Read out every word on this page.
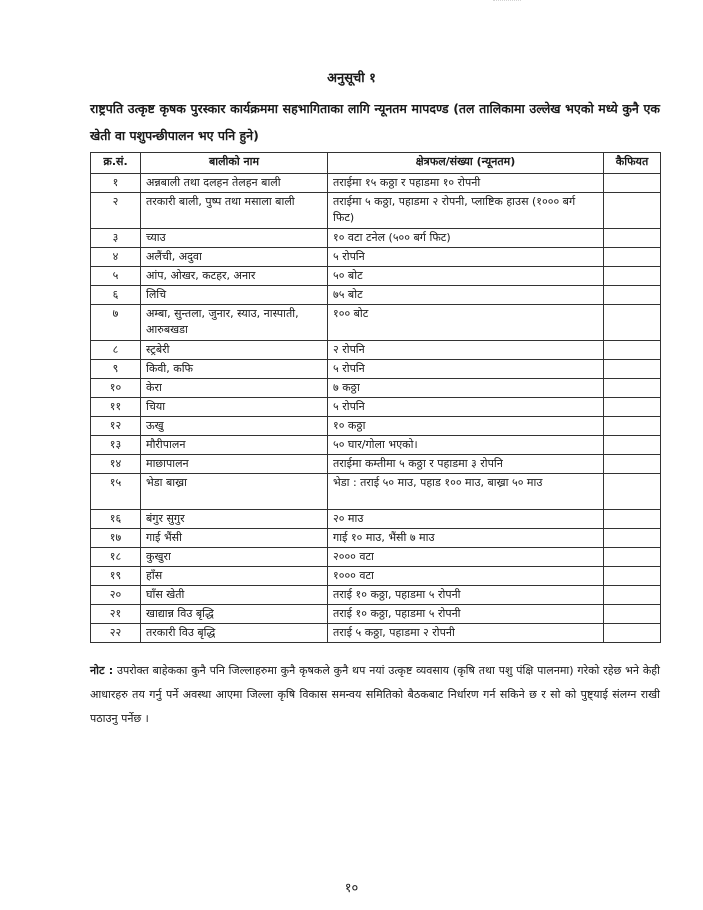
अनुसूची १
राष्ट्रपति उत्कृष्ट कृषक पुरस्कार कार्यक्रममा सहभागिताका लागि न्यूनतम मापदण्ड (तल तालिकामा उल्लेख भएको मध्ये कुनै एक खेती वा पशुपन्छीपालन भए पनि हुने)
क्र.सं.	बालीको नाम	क्षेत्रफल/संख्या (न्यूनतम)	कैफियत
१	अन्नबाली तथा दलहन तेलहन बाली	तराईमा १५ कठ्ठा र पहाडमा १० रोपनी	
२	तरकारी बाली, पुष्प तथा मसाला बाली	तराईमा ५ कठ्ठा, पहाडमा २ रोपनी, प्लाष्टिक हाउस (१००० बर्ग फिट)	
३	च्याउ	१० वटा टनेल (५०० बर्ग फिट)	
४	अलैंची, अदुवा	५ रोपनि	
५	आंप, ओखर, कटहर, अनार	५० बोट	
६	लिचि	७५ बोट	
७	अम्बा, सुन्तला, जुनार, स्याउ, नास्पाती, आरुबखडा	१०० बोट	
८	स्ट्रबेरी	२ रोपनि	
९	किवी, कफि	५ रोपनि	
१०	केरा	७ कठ्ठा	
११	चिया	५ रोपनि	
१२	ऊखु	१० कठ्ठा	
१३	मौरीपालन	५० घार/गोला भएको।	
१४	माछापालन	तराईमा कम्तीमा ५ कठ्ठा र पहाडमा ३ रोपनि	
१५	भेडा बाख्रा	भेडा : तराई ५० माउ, पहाड १०० माउ, बाख्रा ५० माउ	
१६	बंगुर सुगुर	२० माउ	
१७	गाई भैंसी	गाई १० माउ, भैंसी ७ माउ	
१८	कुखुरा	२००० वटा	
१९	हाँस	१००० वटा	
२०	घाँस खेती	तराई १० कठ्ठा, पहाडमा ५ रोपनी	
२१	खाद्यान्न विउ बृद्धि	तराई १० कठ्ठा, पहाडमा ५ रोपनी	
२२	तरकारी विउ बृद्धि	तराई ५ कठ्ठा, पहाडमा २ रोपनी	
नोट : उपरोक्त बाहेकका कुनै पनि जिल्लाहरुमा कुनै कृषकले कुनै थप नयां उत्कृष्ट व्यवसाय (कृषि तथा पशु पंक्षि पालनमा) गरेको रहेछ भने केही आधारहरु तय गर्नु पर्ने अवस्था आएमा जिल्ला कृषि विकास समन्वय समितिको बैठकबाट निर्धारण गर्न सकिने छ र सो को पुष्ट्याई संलग्न राखी पठाउनु पर्नेछ ।
१०
